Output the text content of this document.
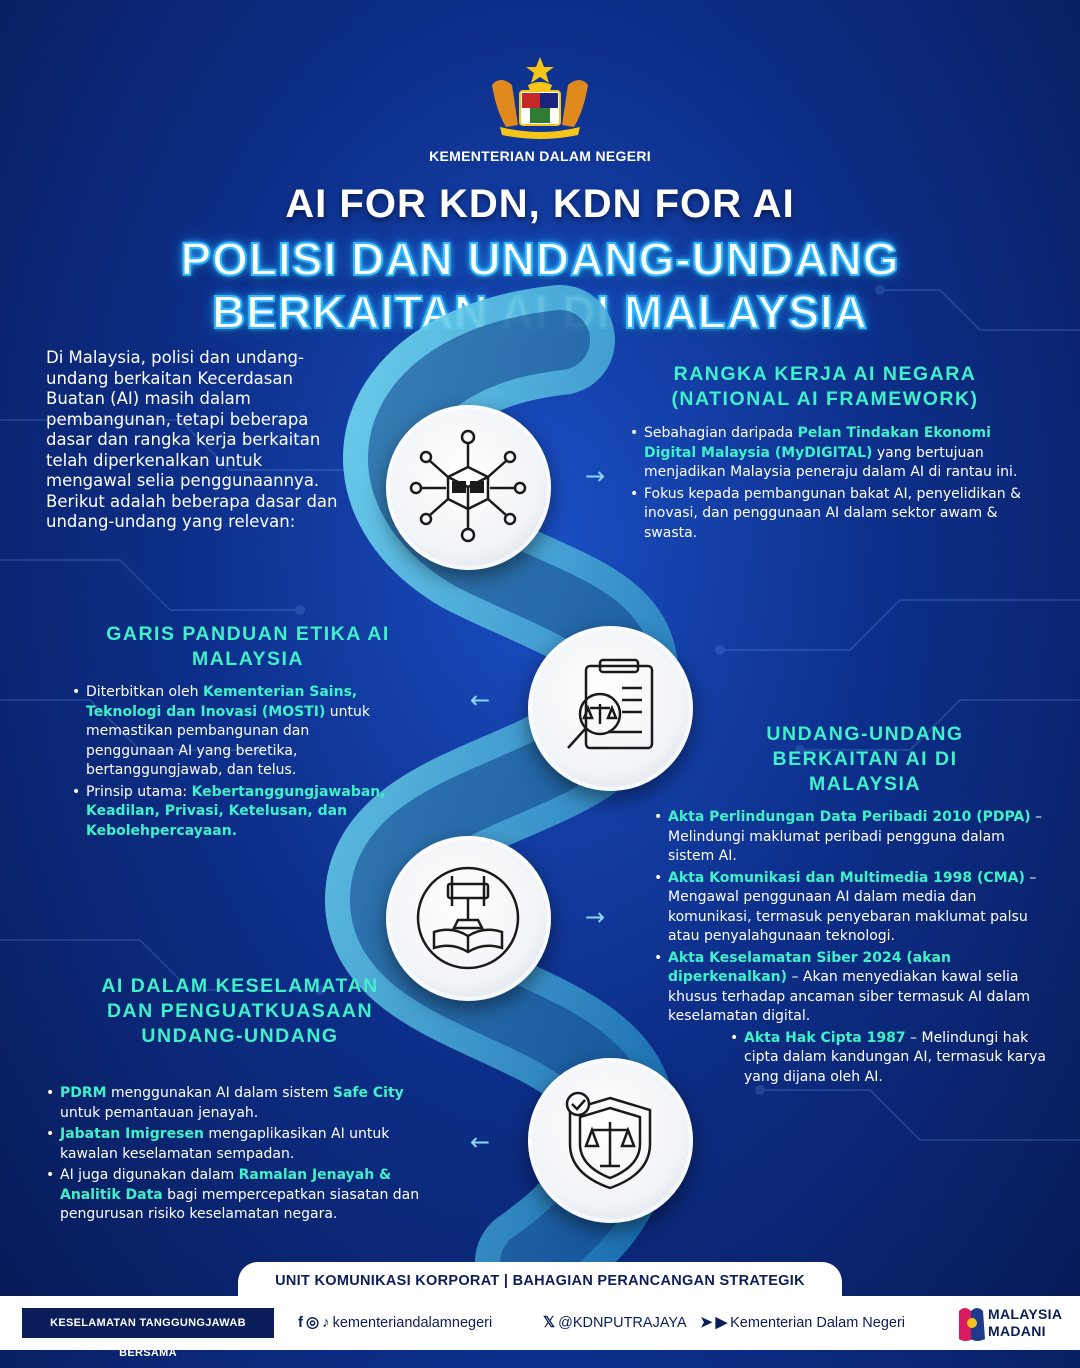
KEMENTERIAN DALAM NEGERI
AI FOR KDN, KDN FOR AI
POLISI DAN UNDANG-UNDANG
BERKAITAN AI DI MALAYSIA
→
←
→
←
Di Malaysia, polisi dan undang-undang berkaitan Kecerdasan Buatan (AI) masih dalam pembangunan, tetapi beberapa dasar dan rangka kerja berkaitan telah diperkenalkan untuk mengawal selia penggunaannya. Berikut adalah beberapa dasar dan undang-undang yang relevan:
RANGKA KERJA AI NEGARA (NATIONAL AI FRAMEWORK)
• Sebahagian daripada Pelan Tindakan Ekonomi Digital Malaysia (MyDIGITAL) yang bertujuan menjadikan Malaysia peneraju dalam AI di rantau ini.
• Fokus kepada pembangunan bakat AI, penyelidikan & inovasi, dan penggunaan AI dalam sektor awam & swasta.
GARIS PANDUAN ETIKA AI MALAYSIA
• Diterbitkan oleh Kementerian Sains, Teknologi dan Inovasi (MOSTI) untuk memastikan pembangunan dan penggunaan AI yang beretika, bertanggungjawab, dan telus.
• Prinsip utama: Kebertanggungjawaban, Keadilan, Privasi, Ketelusan, dan Kebolehpercayaan.
UNDANG-UNDANG BERKAITAN AI DI MALAYSIA
• Akta Perlindungan Data Peribadi 2010 (PDPA) – Melindungi maklumat peribadi pengguna dalam sistem AI.
• Akta Komunikasi dan Multimedia 1998 (CMA) – Mengawal penggunaan AI dalam media dan komunikasi, termasuk penyebaran maklumat palsu atau penyalahgunaan teknologi.
• Akta Keselamatan Siber 2024 (akan diperkenalkan) – Akan menyediakan kawal selia khusus terhadap ancaman siber termasuk AI dalam keselamatan digital.
• Akta Hak Cipta 1987 – Melindungi hak cipta dalam kandungan AI, termasuk karya yang dijana oleh AI.
AI DALAM KESELAMATAN DAN PENGUATKUASAAN UNDANG-UNDANG
• PDRM menggunakan AI dalam sistem Safe City untuk pemantauan jenayah.
• Jabatan Imigresen mengaplikasikan AI untuk kawalan keselamatan sempadan.
• AI juga digunakan dalam Ramalan Jenayah & Analitik Data bagi mempercepatkan siasatan dan pengurusan risiko keselamatan negara.
UNIT KOMUNIKASI KORPORAT | BAHAGIAN PERANCANGAN STRATEGIK
KESELAMATAN TANGGUNGJAWAB BERSAMA
f ◎ ♪ kementeriandalamnegeri	𝕏 @KDNPUTRAJAYA ➤ ▶ Kementerian Dalam Negeri
MALAYSIA
MADANI
